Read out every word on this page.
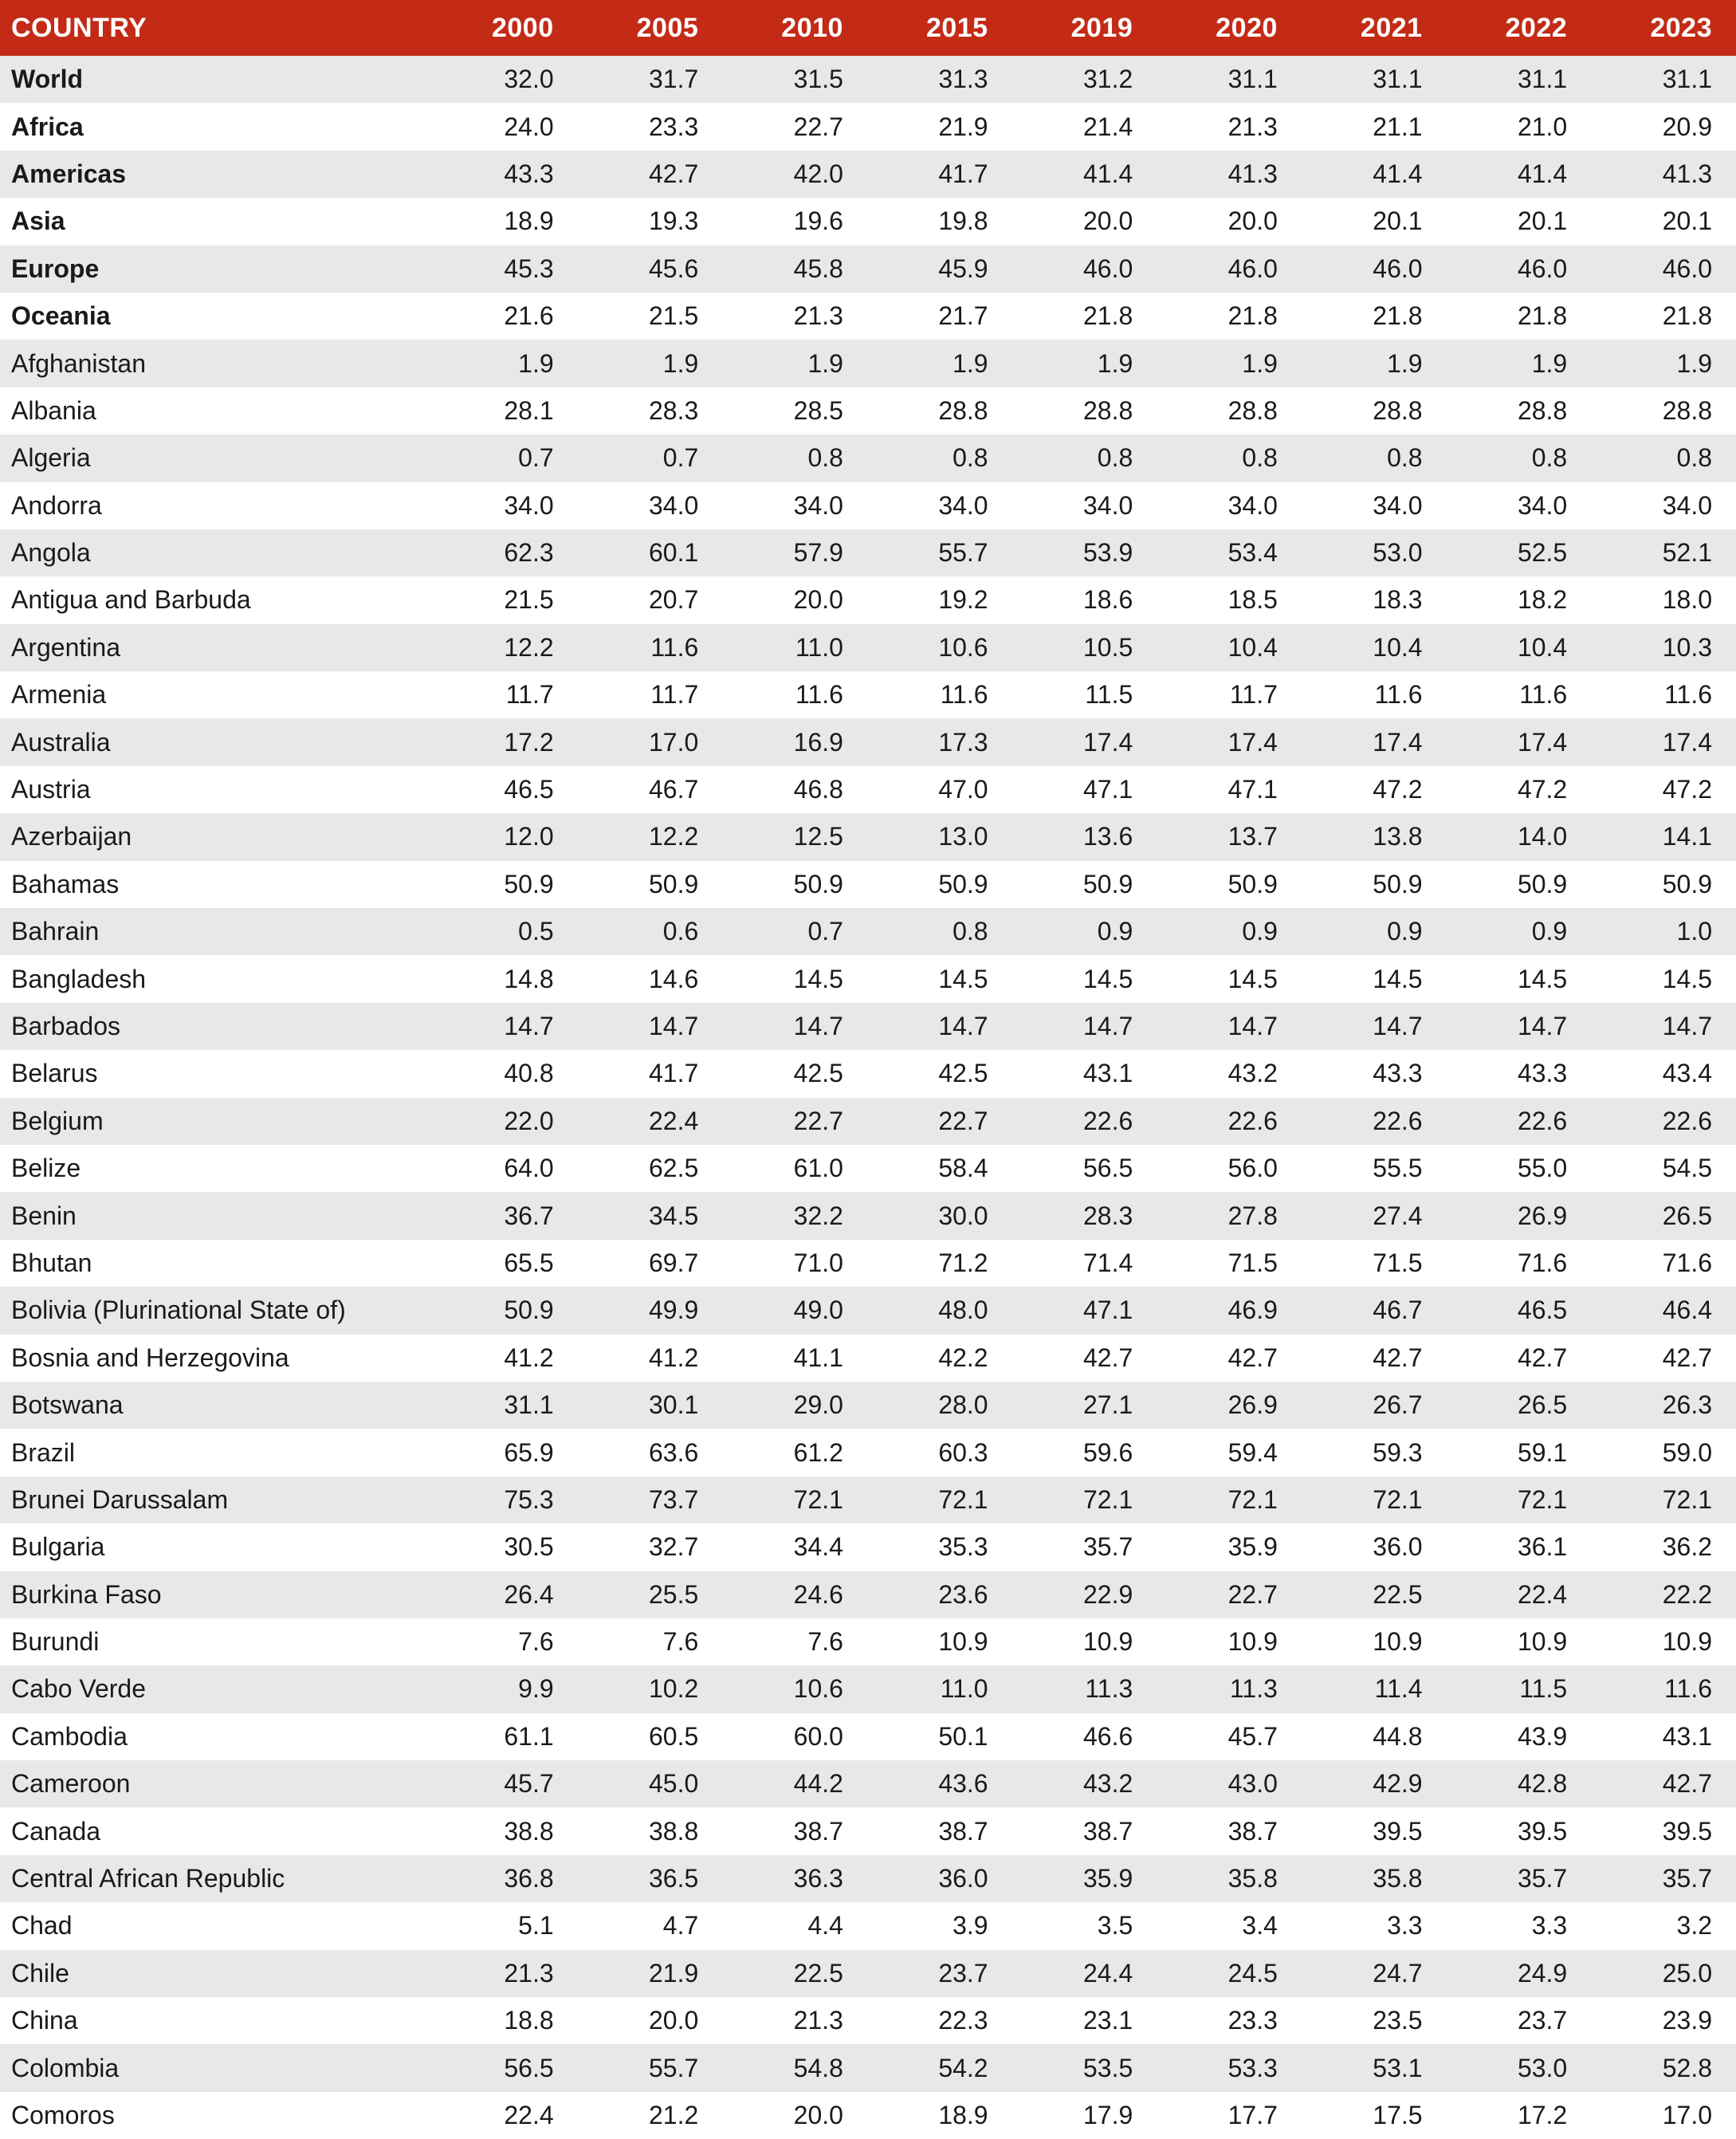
COUNTRY	2000	2005	2010	2015	2019	2020	2021	2022	2023
World	32.0	31.7	31.5	31.3	31.2	31.1	31.1	31.1	31.1
Africa	24.0	23.3	22.7	21.9	21.4	21.3	21.1	21.0	20.9
Americas	43.3	42.7	42.0	41.7	41.4	41.3	41.4	41.4	41.3
Asia	18.9	19.3	19.6	19.8	20.0	20.0	20.1	20.1	20.1
Europe	45.3	45.6	45.8	45.9	46.0	46.0	46.0	46.0	46.0
Oceania	21.6	21.5	21.3	21.7	21.8	21.8	21.8	21.8	21.8
Afghanistan	1.9	1.9	1.9	1.9	1.9	1.9	1.9	1.9	1.9
Albania	28.1	28.3	28.5	28.8	28.8	28.8	28.8	28.8	28.8
Algeria	0.7	0.7	0.8	0.8	0.8	0.8	0.8	0.8	0.8
Andorra	34.0	34.0	34.0	34.0	34.0	34.0	34.0	34.0	34.0
Angola	62.3	60.1	57.9	55.7	53.9	53.4	53.0	52.5	52.1
Antigua and Barbuda	21.5	20.7	20.0	19.2	18.6	18.5	18.3	18.2	18.0
Argentina	12.2	11.6	11.0	10.6	10.5	10.4	10.4	10.4	10.3
Armenia	11.7	11.7	11.6	11.6	11.5	11.7	11.6	11.6	11.6
Australia	17.2	17.0	16.9	17.3	17.4	17.4	17.4	17.4	17.4
Austria	46.5	46.7	46.8	47.0	47.1	47.1	47.2	47.2	47.2
Azerbaijan	12.0	12.2	12.5	13.0	13.6	13.7	13.8	14.0	14.1
Bahamas	50.9	50.9	50.9	50.9	50.9	50.9	50.9	50.9	50.9
Bahrain	0.5	0.6	0.7	0.8	0.9	0.9	0.9	0.9	1.0
Bangladesh	14.8	14.6	14.5	14.5	14.5	14.5	14.5	14.5	14.5
Barbados	14.7	14.7	14.7	14.7	14.7	14.7	14.7	14.7	14.7
Belarus	40.8	41.7	42.5	42.5	43.1	43.2	43.3	43.3	43.4
Belgium	22.0	22.4	22.7	22.7	22.6	22.6	22.6	22.6	22.6
Belize	64.0	62.5	61.0	58.4	56.5	56.0	55.5	55.0	54.5
Benin	36.7	34.5	32.2	30.0	28.3	27.8	27.4	26.9	26.5
Bhutan	65.5	69.7	71.0	71.2	71.4	71.5	71.5	71.6	71.6
Bolivia (Plurinational State of)	50.9	49.9	49.0	48.0	47.1	46.9	46.7	46.5	46.4
Bosnia and Herzegovina	41.2	41.2	41.1	42.2	42.7	42.7	42.7	42.7	42.7
Botswana	31.1	30.1	29.0	28.0	27.1	26.9	26.7	26.5	26.3
Brazil	65.9	63.6	61.2	60.3	59.6	59.4	59.3	59.1	59.0
Brunei Darussalam	75.3	73.7	72.1	72.1	72.1	72.1	72.1	72.1	72.1
Bulgaria	30.5	32.7	34.4	35.3	35.7	35.9	36.0	36.1	36.2
Burkina Faso	26.4	25.5	24.6	23.6	22.9	22.7	22.5	22.4	22.2
Burundi	7.6	7.6	7.6	10.9	10.9	10.9	10.9	10.9	10.9
Cabo Verde	9.9	10.2	10.6	11.0	11.3	11.3	11.4	11.5	11.6
Cambodia	61.1	60.5	60.0	50.1	46.6	45.7	44.8	43.9	43.1
Cameroon	45.7	45.0	44.2	43.6	43.2	43.0	42.9	42.8	42.7
Canada	38.8	38.8	38.7	38.7	38.7	38.7	39.5	39.5	39.5
Central African Republic	36.8	36.5	36.3	36.0	35.9	35.8	35.8	35.7	35.7
Chad	5.1	4.7	4.4	3.9	3.5	3.4	3.3	3.3	3.2
Chile	21.3	21.9	22.5	23.7	24.4	24.5	24.7	24.9	25.0
China	18.8	20.0	21.3	22.3	23.1	23.3	23.5	23.7	23.9
Colombia	56.5	55.7	54.8	54.2	53.5	53.3	53.1	53.0	52.8
Comoros	22.4	21.2	20.0	18.9	17.9	17.7	17.5	17.2	17.0
